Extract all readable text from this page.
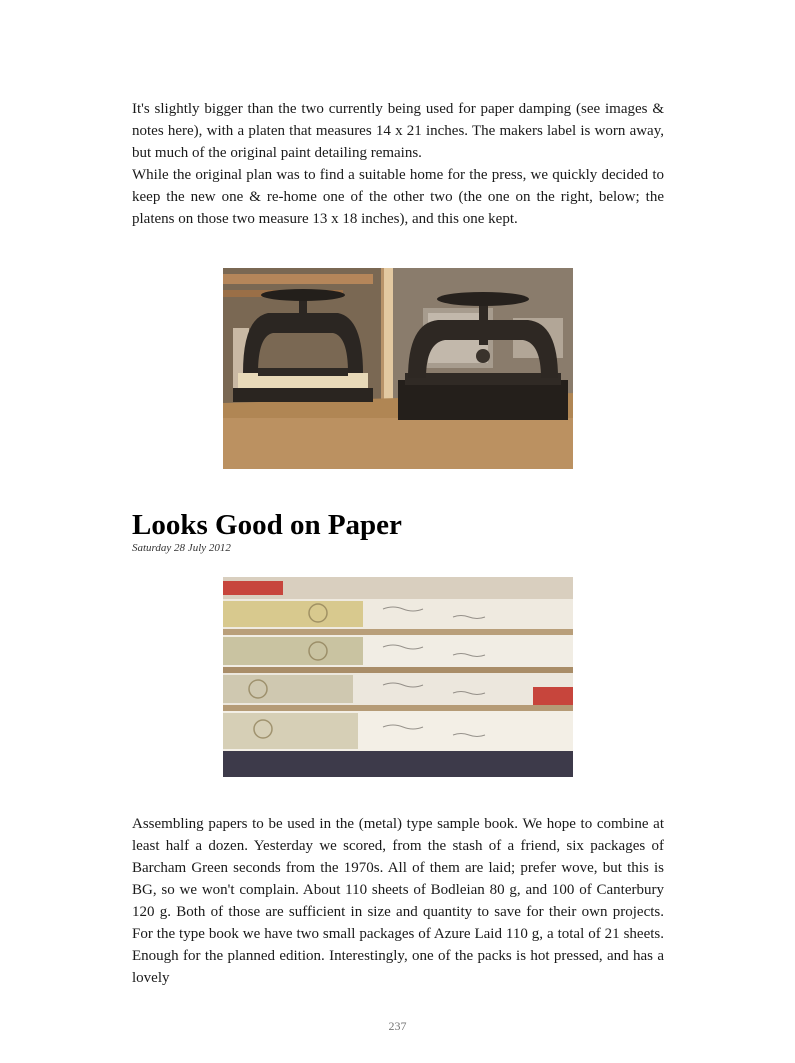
It's slightly bigger than the two currently being used for paper damping (see images & notes here), with a platen that measures 14 x 21 inches. The makers label is worn away, but much of the original paint detailing remains.

While the original plan was to find a suitable home for the press, we quickly decided to keep the new one & re-home one of the other two (the one on the right, below; the platens on those two measure 13 x 18 inches), and this one kept.

Looks Good on Paper
Saturday 28 July 2012

Assembling papers to be used in the (metal) type sample book. We hope to combine at least half a dozen. Yesterday we scored, from the stash of a friend, six packages of Barcham Green seconds from the 1970s. All of them are laid; prefer wove, but this is BG, so we won't complain. About 110 sheets of Bodleian 80 g, and 100 of Canterbury 120 g. Both of those are sufficient in size and quantity to save for their own projects. For the type book we have two small packages of Azure Laid 110 g, a total of 21 sheets. Enough for the planned edition. Interestingly, one of the packs is hot pressed, and has a lovely

237
